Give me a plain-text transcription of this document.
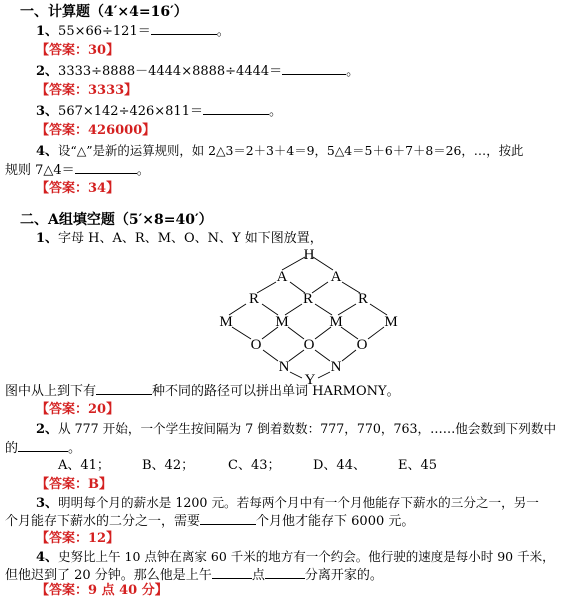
一、计算题（4′×4=16′）
1、55×66÷121＝	。
【答案：30】
2、3333÷8888－4444×8888÷4444＝	。
【答案：3333】
3、567×142÷426×811＝	。
【答案：426000】
4、设“△”是新的运算规则，如 2△3＝2＋3＋4＝9，5△4＝5＋6＋7＋8＝26，…，按此
规则 7△4＝	。
【答案：34】
二、A组填空题（5′×8=40′）
1、字母 H、A、R、M、O、N、Y 如下图放置，
H
A	A
R	R	R
M	M	M	M
O	O	O
N	N
Y
图中从上到下有	种不同的路径可以拼出单词 HARMONY。
【答案：20】
2、从 777 开始，一个学生按间隔为 7 倒着数数：777，770，763，……他会数到下列数中
的	。
A、41； B、42；	C、43；	D、44、 E、45
【答案：B】
3、明明每个月的薪水是 1200 元。若每两个月中有一个月他能存下薪水的三分之一，另一
个月能存下薪水的二分之一，需要	个月他才能存下 6000 元。
【答案：12】
4、史努比上午 10 点钟在离家 60 千米的地方有一个约会。他行驶的速度是每小时 90 千米，
但他迟到了 20 分钟。那么他是上午	点	分离开家的。
【答案：9 点 40 分】
